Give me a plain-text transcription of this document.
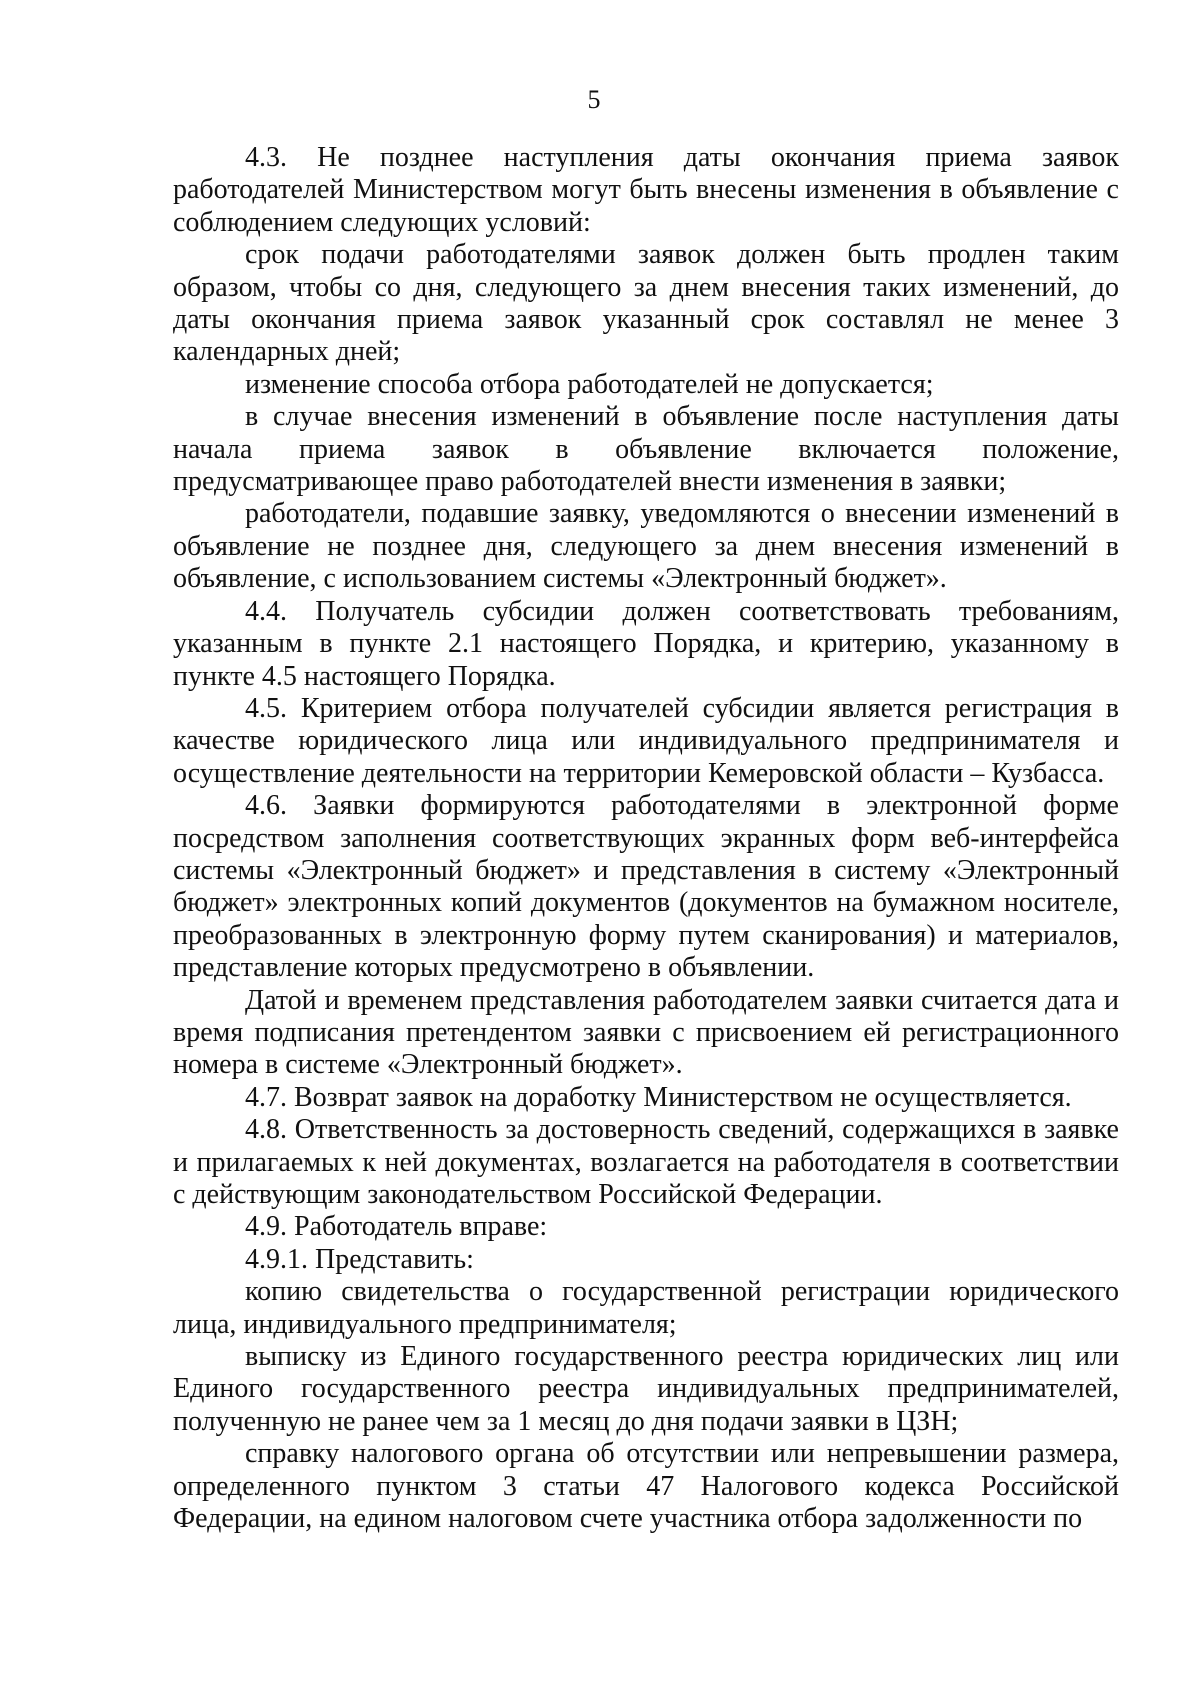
5

4.3. Не позднее наступления даты окончания приема заявок работодателей Министерством могут быть внесены изменения в объявление с соблюдением следующих условий:

срок подачи работодателями заявок должен быть продлен таким образом, чтобы со дня, следующего за днем внесения таких изменений, до даты окончания приема заявок указанный срок составлял не менее 3 календарных дней;

изменение способа отбора работодателей не допускается;

в случае внесения изменений в объявление после наступления даты начала приема заявок в объявление включается положение, предусматривающее право работодателей внести изменения в заявки;

работодатели, подавшие заявку, уведомляются о внесении изменений в объявление не позднее дня, следующего за днем внесения изменений в объявление, с использованием системы «Электронный бюджет».

4.4. Получатель субсидии должен соответствовать требованиям, указанным в пункте 2.1 настоящего Порядка, и критерию, указанному в пункте 4.5 настоящего Порядка.

4.5. Критерием отбора получателей субсидии является регистрация в качестве юридического лица или индивидуального предпринимателя и осуществление деятельности на территории Кемеровской области – Кузбасса.

4.6. Заявки формируются работодателями в электронной форме посредством заполнения соответствующих экранных форм веб-интерфейса системы «Электронный бюджет» и представления в систему «Электронный бюджет» электронных копий документов (документов на бумажном носителе, преобразованных в электронную форму путем сканирования) и материалов, представление которых предусмотрено в объявлении.

Датой и временем представления работодателем заявки считается дата и время подписания претендентом заявки с присвоением ей регистрационного номера в системе «Электронный бюджет».

4.7. Возврат заявок на доработку Министерством не осуществляется.

4.8. Ответственность за достоверность сведений, содержащихся в заявке и прилагаемых к ней документах, возлагается на работодателя в соответствии с действующим законодательством Российской Федерации.

4.9. Работодатель вправе:

4.9.1. Представить:

копию свидетельства о государственной регистрации юридического лица, индивидуального предпринимателя;

выписку из Единого государственного реестра юридических лиц или Единого государственного реестра индивидуальных предпринимателей, полученную не ранее чем за 1 месяц до дня подачи заявки в ЦЗН;

справку налогового органа об отсутствии или непревышении размера, определенного пунктом 3 статьи 47 Налогового кодекса Российской Федерации, на едином налоговом счете участника отбора задолженности по
